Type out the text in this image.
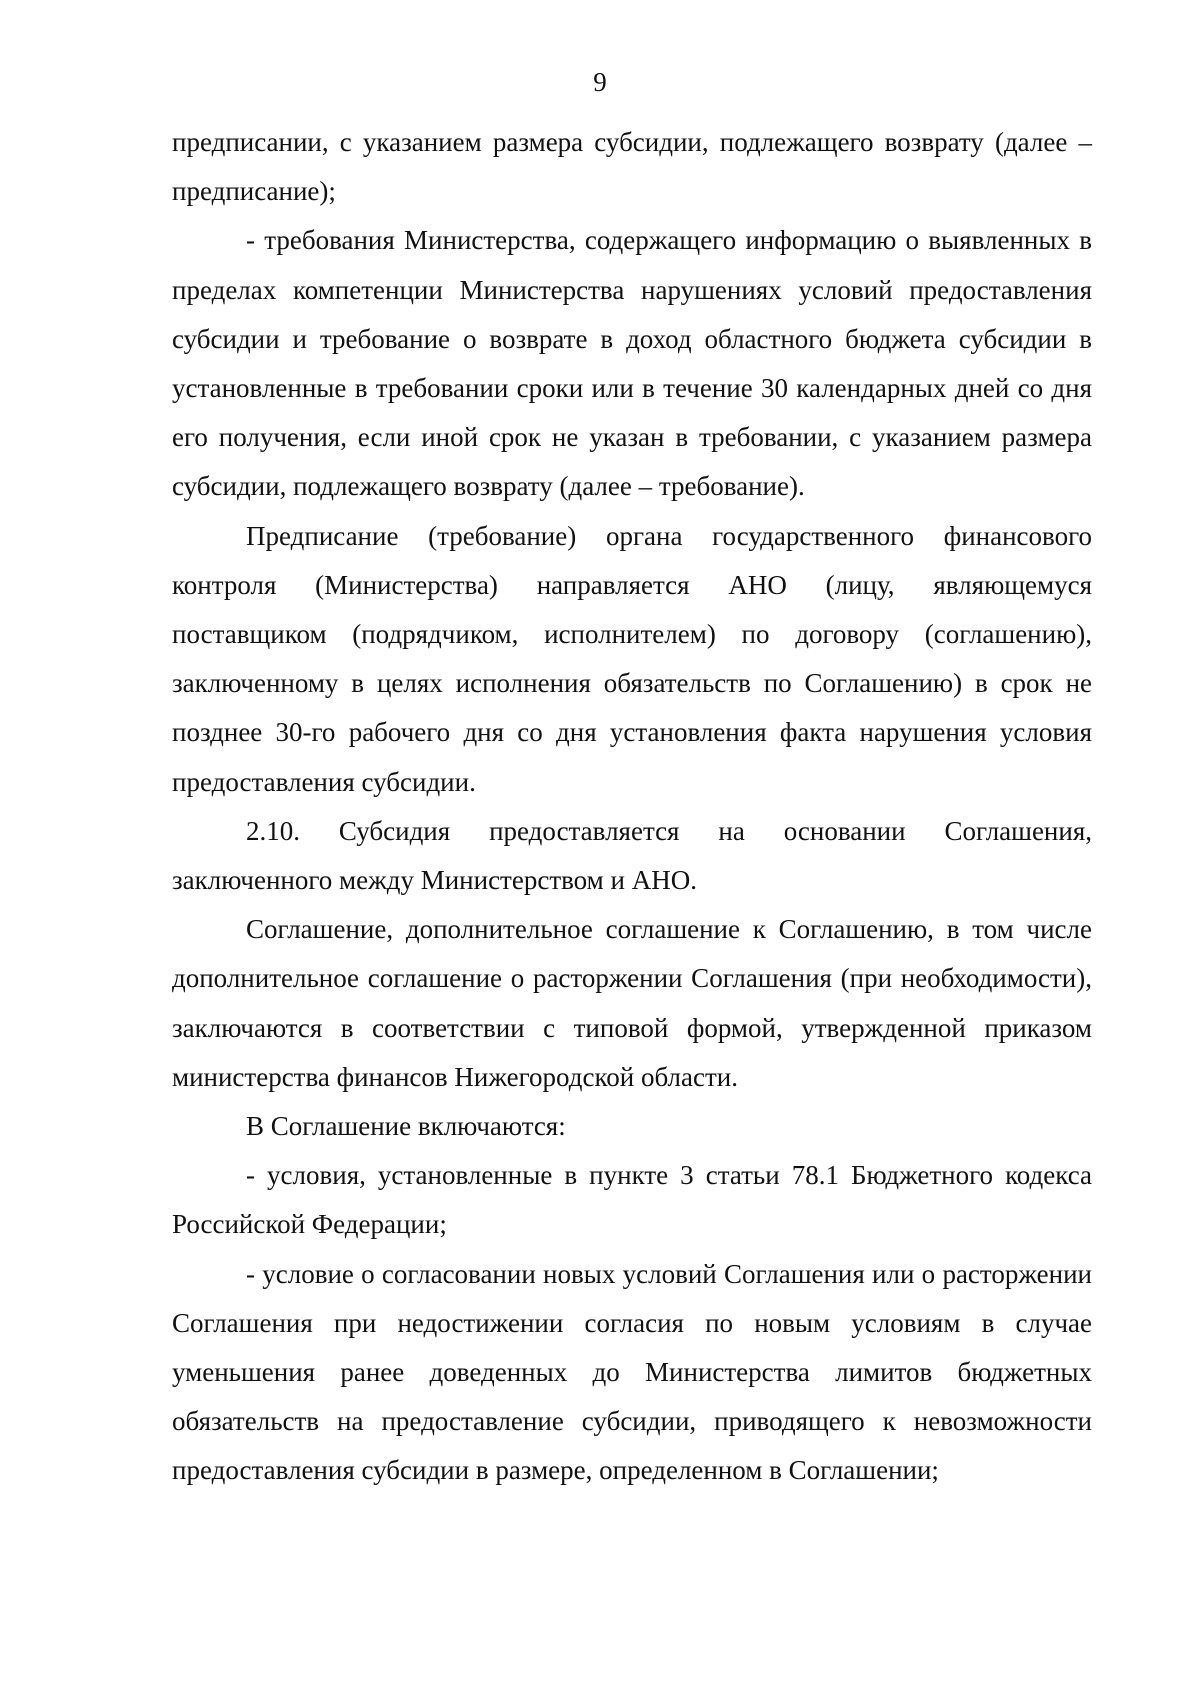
9

предписании, с указанием размера субсидии, подлежащего возврату (далее – предписание);

- требования Министерства, содержащего информацию о выявленных в пределах компетенции Министерства нарушениях условий предоставления субсидии и требование о возврате в доход областного бюджета субсидии в установленные в требовании сроки или в течение 30 календарных дней со дня его получения, если иной срок не указан в требовании, с указанием размера субсидии, подлежащего возврату (далее – требование).

Предписание (требование) органа государственного финансового контроля (Министерства) направляется АНО (лицу, являющемуся поставщиком (подрядчиком, исполнителем) по договору (соглашению), заключенному в целях исполнения обязательств по Соглашению) в срок не позднее 30-го рабочего дня со дня установления факта нарушения условия предоставления субсидии.

2.10. Субсидия предоставляется на основании Соглашения, заключенного между Министерством и АНО.

Соглашение, дополнительное соглашение к Соглашению, в том числе дополнительное соглашение о расторжении Соглашения (при необходимости), заключаются в соответствии с типовой формой, утвержденной приказом министерства финансов Нижегородской области.

В Соглашение включаются:

- условия, установленные в пункте 3 статьи 78.1 Бюджетного кодекса Российской Федерации;

- условие о согласовании новых условий Соглашения или о расторжении Соглашения при недостижении согласия по новым условиям в случае уменьшения ранее доведенных до Министерства лимитов бюджетных обязательств на предоставление субсидии, приводящего к невозможности предоставления субсидии в размере, определенном в Соглашении;
